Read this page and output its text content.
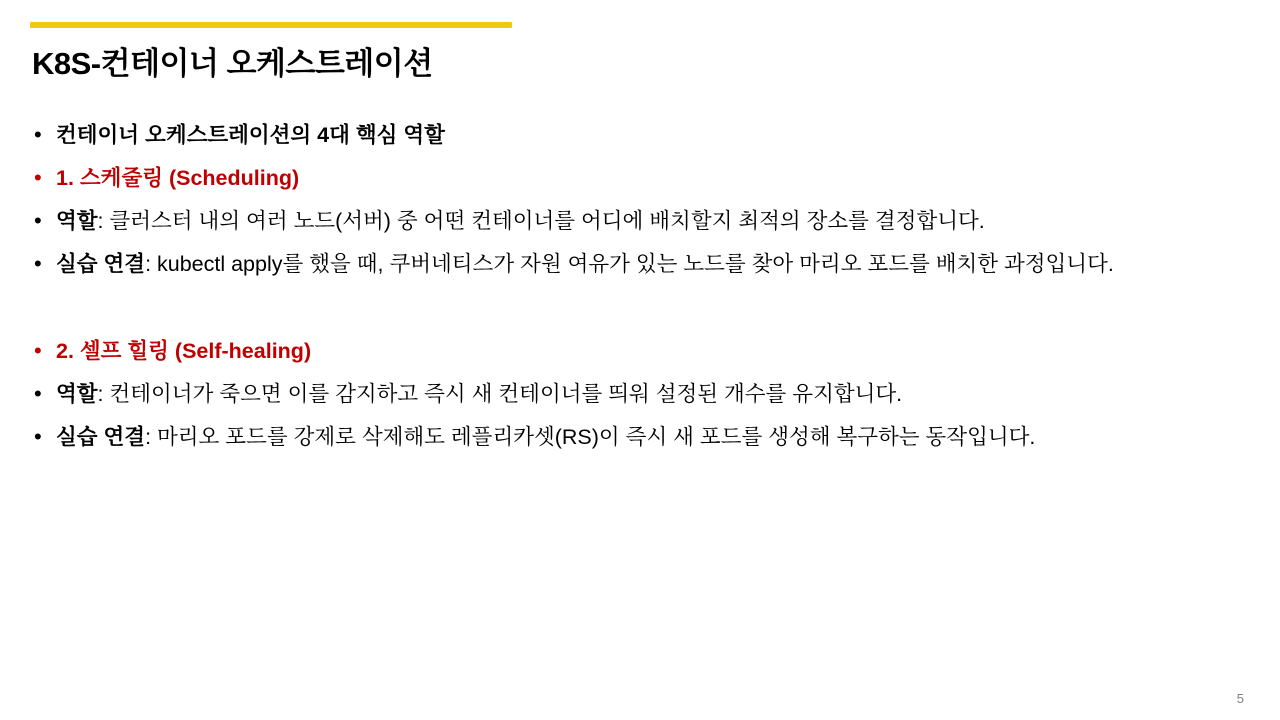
K8S-컨테이너 오케스트레이션
• 컨테이너 오케스트레이션의 4대 핵심 역할
• 1. 스케줄링 (Scheduling)
• 역할: 클러스터 내의 여러 노드(서버) 중 어떤 컨테이너를 어디에 배치할지 최적의 장소를 결정합니다.
• 실습 연결: kubectl apply를 했을 때, 쿠버네티스가 자원 여유가 있는 노드를 찾아 마리오 포드를 배치한 과정입니다.
• 2. 셀프 힐링 (Self-healing)
• 역할: 컨테이너가 죽으면 이를 감지하고 즉시 새 컨테이너를 띄워 설정된 개수를 유지합니다.
• 실습 연결: 마리오 포드를 강제로 삭제해도 레플리카셋(RS)이 즉시 새 포드를 생성해 복구하는 동작입니다.
5
